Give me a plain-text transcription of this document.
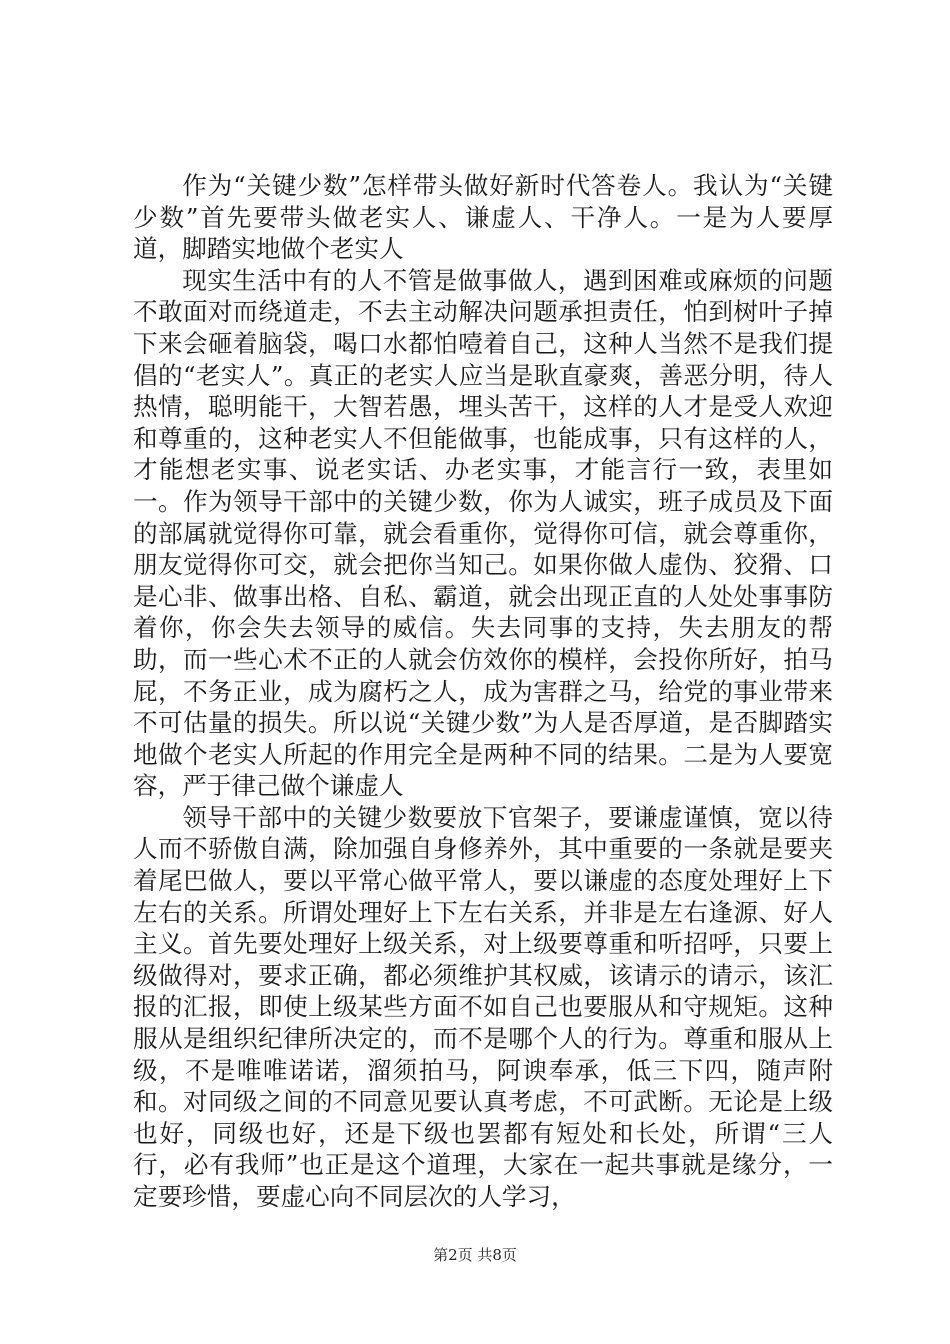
作为“关键少数”怎样带头做好新时代答卷人。我认为“关键少数”首先要带头做老实人、谦虚人、干净人。一是为人要厚道，脚踏实地做个老实人

现实生活中有的人不管是做事做人，遇到困难或麻烦的问题不敢面对而绕道走，不去主动解决问题承担责任，怕到树叶子掉下来会砸着脑袋，喝口水都怕噎着自己，这种人当然不是我们提倡的“老实人”。真正的老实人应当是耿直豪爽，善恶分明，待人热情，聪明能干，大智若愚，埋头苦干，这样的人才是受人欢迎和尊重的，这种老实人不但能做事，也能成事，只有这样的人，才能想老实事、说老实话、办老实事，才能言行一致，表里如一。作为领导干部中的关键少数，你为人诚实，班子成员及下面的部属就觉得你可靠，就会看重你，觉得你可信，就会尊重你，朋友觉得你可交，就会把你当知己。如果你做人虚伪、狡猾、口是心非、做事出格、自私、霸道，就会出现正直的人处处事事防着你，你会失去领导的威信。失去同事的支持，失去朋友的帮助，而一些心术不正的人就会仿效你的模样，会投你所好，拍马屁，不务正业，成为腐朽之人，成为害群之马，给党的事业带来不可估量的损失。所以说“关键少数”为人是否厚道，是否脚踏实地做个老实人所起的作用完全是两种不同的结果。二是为人要宽容，严于律己做个谦虚人

领导干部中的关键少数要放下官架子，要谦虚谨慎，宽以待人而不骄傲自满，除加强自身修养外，其中重要的一条就是要夹着尾巴做人，要以平常心做平常人，要以谦虚的态度处理好上下左右的关系。所谓处理好上下左右关系，并非是左右逢源、好人主义。首先要处理好上级关系，对上级要尊重和听招呼，只要上级做得对，要求正确，都必须维护其权威，该请示的请示，该汇报的汇报，即使上级某些方面不如自己也要服从和守规矩。这种服从是组织纪律所决定的，而不是哪个人的行为。尊重和服从上级，不是唯唯诺诺，溜须拍马，阿谀奉承，低三下四，随声附和。对同级之间的不同意见要认真考虑，不可武断。无论是上级也好，同级也好，还是下级也罢都有短处和长处，所谓“三人行，必有我师”也正是这个道理，大家在一起共事就是缘分，一定要珍惜，要虚心向不同层次的人学习，

第2页 共8页
